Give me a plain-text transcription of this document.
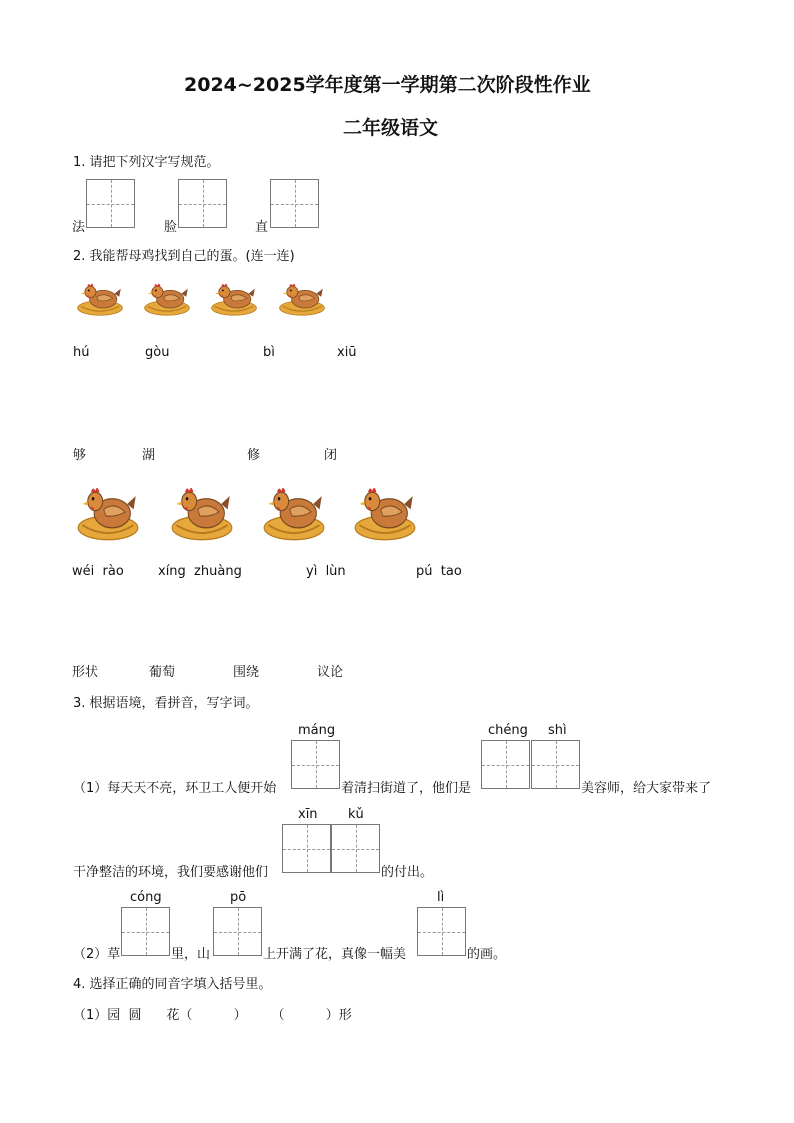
2024~2025学年度第一学期第二次阶段性作业
二年级语文
1. 请把下列汉字写规范。
法	脸	直
2. 我能帮母鸡找到自己的蛋。(连一连)
hú	gòu	bì	xiū
够	湖	修	闭
wéi  rào	xíng  zhuàng	yì  lùn	pú  tao
形状	葡萄	围绕	议论
3. 根据语境，看拼音，写字词。
máng	chéng shì
（1）每天天不亮，环卫工人便开始	着清扫街道了，他们是	美容师，给大家带来了
xīn kǔ
干净整洁的环境，我们要感谢他们	的付出。
cóng	pō	lì
（2）草	里，山	上开满了花，真像一幅美	的画。
4. 选择正确的同音字填入括号里。
（1）园  圆      花（          ）      （          ）形
